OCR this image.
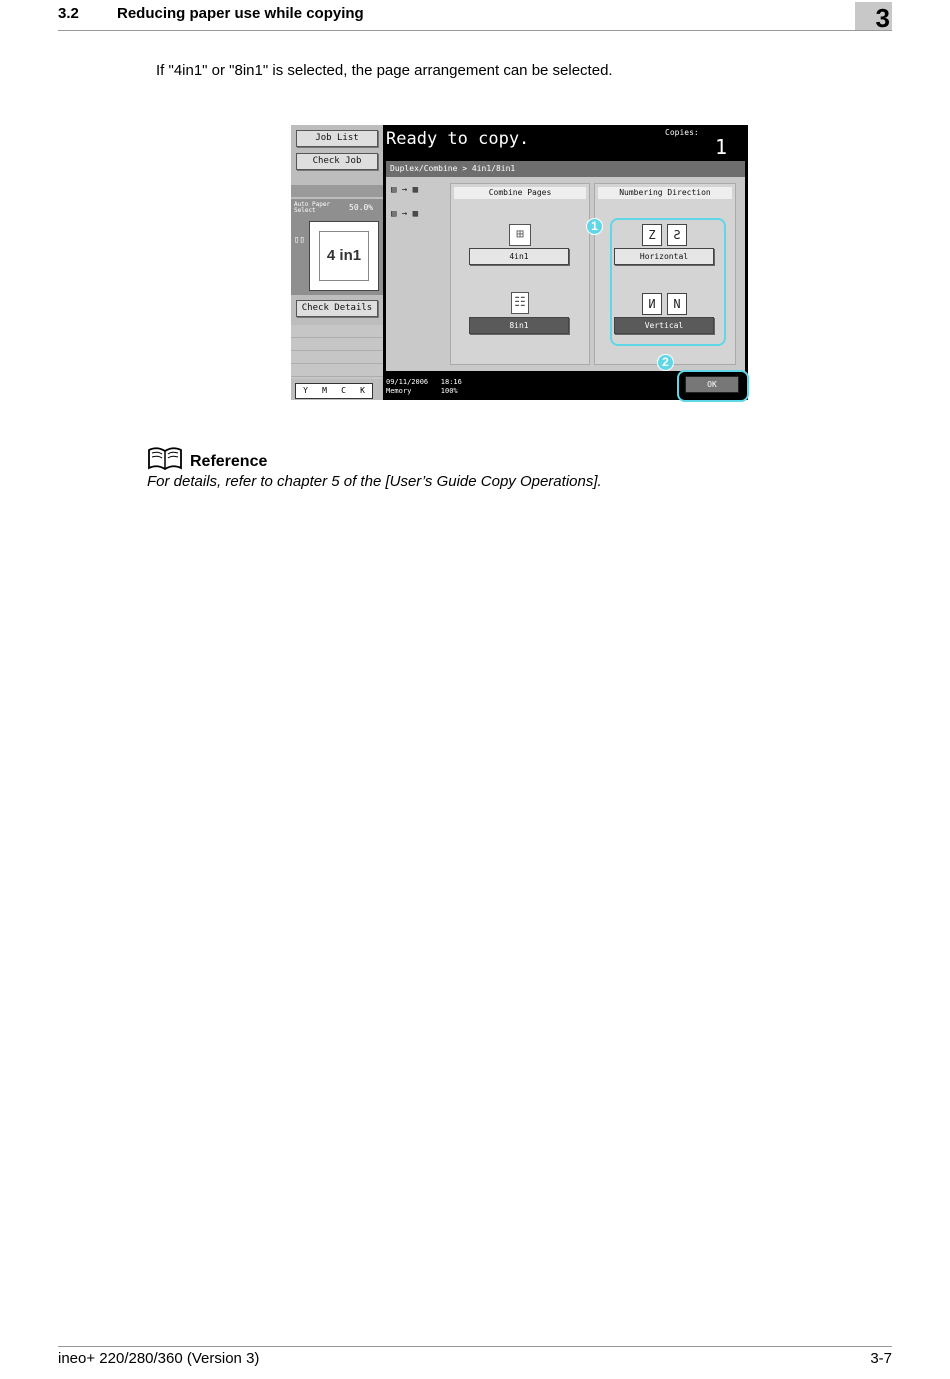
3.2	Reducing paper use while copying	3
If "4in1" or "8in1" is selected, the page arrangement can be selected.
Job List
Check Job
Auto Paper Select	50.0%
▯▯
4 in1
Check Details
Y M C K
Ready to copy.	Copies:
1
Duplex/Combine > 4in1/8in1
▤ → ▦
▤ → ▦
Combine Pages
⊞
4in1
☷
8in1
Numbering Direction
Z	Ƨ
Horizontal
И	N
Vertical
09/11/2006   18:16
Memory       100%
OK
1
2
Reference
For details, refer to chapter 5 of the [User’s Guide Copy Operations].
ineo+ 220/280/360 (Version 3)	3-7
